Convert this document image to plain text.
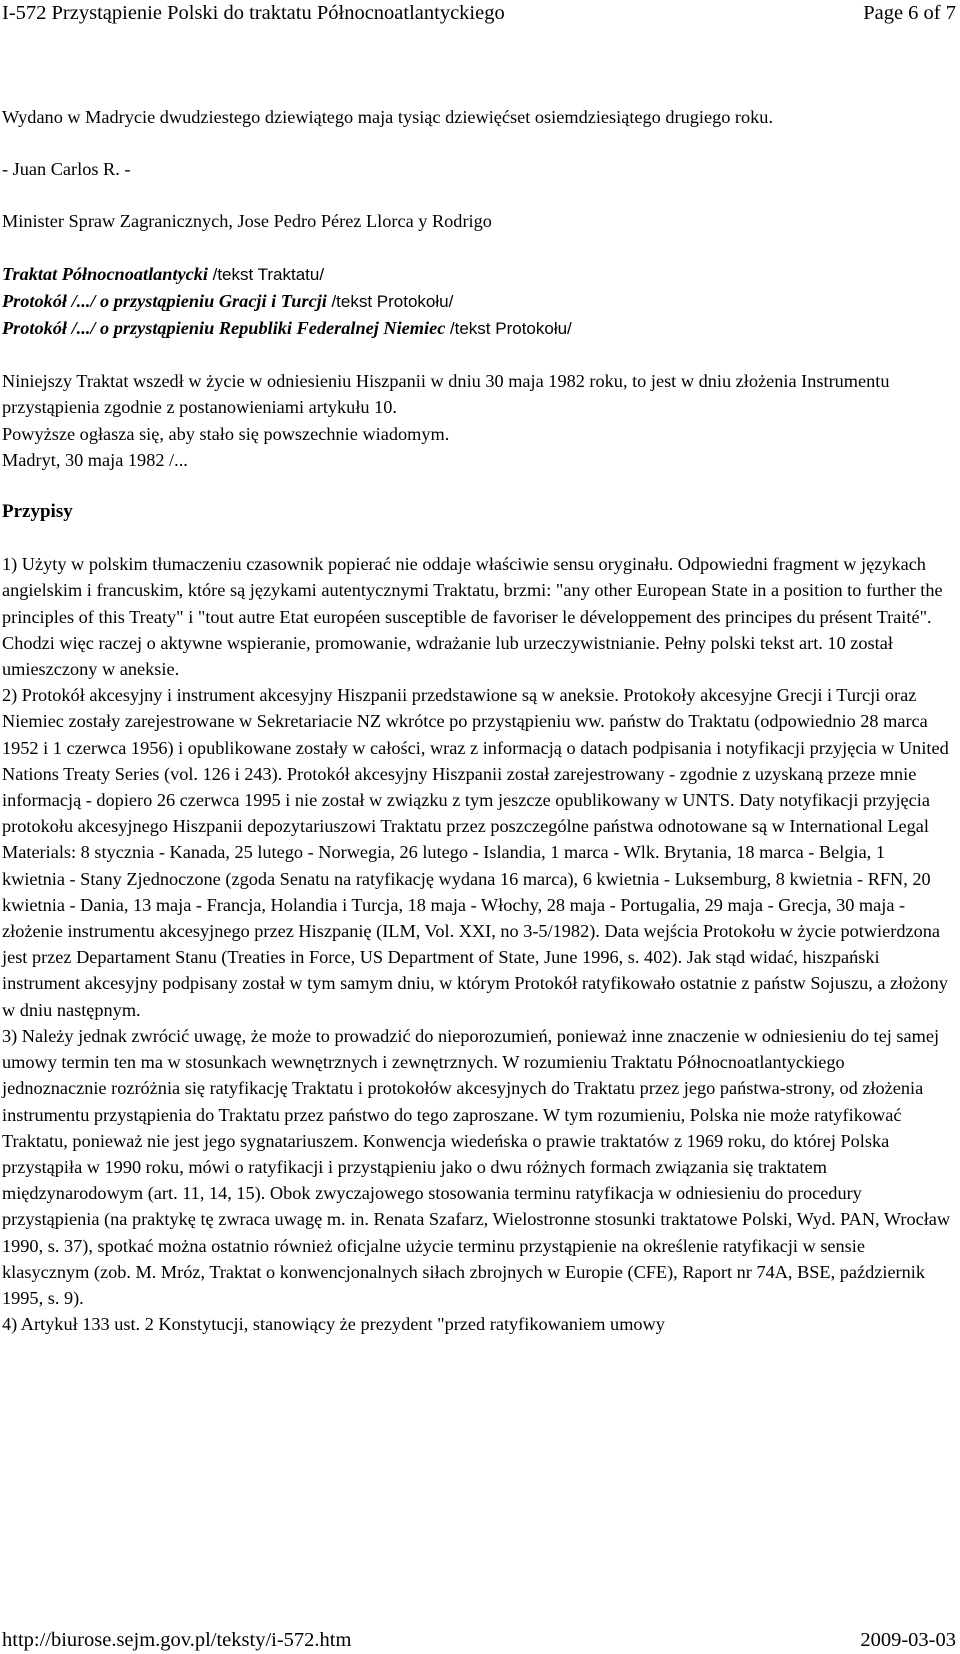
I-572 Przystąpienie Polski do traktatu Północnoatlantyckiego	Page 6 of 7

Wydano w Madrycie dwudziestego dziewiątego maja tysiąc dziewięćset osiemdziesiątego drugiego roku.

- Juan Carlos R. -

Minister Spraw Zagranicznych, Jose Pedro Pérez Llorca y Rodrigo

Traktat Północnoatlantycki /tekst Traktatu/

Protokół /.../ o przystąpieniu Gracji i Turcji /tekst Protokołu/

Protokół /.../ o przystąpieniu Republiki Federalnej Niemiec /tekst Protokołu/

Niniejszy Traktat wszedł w życie w odniesieniu Hiszpanii w dniu 30 maja 1982 roku, to jest w dniu złożenia Instrumentu przystąpienia zgodnie z postanowieniami artykułu 10.

Powyższe ogłasza się, aby stało się powszechnie wiadomym.

Madryt, 30 maja 1982 /...

Przypisy

1) Użyty w polskim tłumaczeniu czasownik popierać nie oddaje właściwie sensu oryginału. Odpowiedni fragment w językach angielskim i francuskim, które są językami autentycznymi Traktatu, brzmi: "any other European State in a position to further the principles of this Treaty" i "tout autre Etat européen susceptible de favoriser le développement des principes du présent Traité". Chodzi więc raczej o aktywne wspieranie, promowanie, wdrażanie lub urzeczywistnianie. Pełny polski tekst art. 10 został umieszczony w aneksie.

2) Protokół akcesyjny i instrument akcesyjny Hiszpanii przedstawione są w aneksie. Protokoły akcesyjne Grecji i Turcji oraz Niemiec zostały zarejestrowane w Sekretariacie NZ wkrótce po przystąpieniu ww. państw do Traktatu (odpowiednio 28 marca 1952 i 1 czerwca 1956) i opublikowane zostały w całości, wraz z informacją o datach podpisania i notyfikacji przyjęcia w United Nations Treaty Series (vol. 126 i 243). Protokół akcesyjny Hiszpanii został zarejestrowany - zgodnie z uzyskaną przeze mnie informacją - dopiero 26 czerwca 1995 i nie został w związku z tym jeszcze opublikowany w UNTS. Daty notyfikacji przyjęcia protokołu akcesyjnego Hiszpanii depozytariuszowi Traktatu przez poszczególne państwa odnotowane są w International Legal Materials: 8 stycznia - Kanada, 25 lutego - Norwegia, 26 lutego - Islandia, 1 marca - Wlk. Brytania, 18 marca - Belgia, 1 kwietnia - Stany Zjednoczone (zgoda Senatu na ratyfikację wydana 16 marca), 6 kwietnia - Luksemburg, 8 kwietnia - RFN, 20 kwietnia - Dania, 13 maja - Francja, Holandia i Turcja, 18 maja - Włochy, 28 maja - Portugalia, 29 maja - Grecja, 30 maja - złożenie instrumentu akcesyjnego przez Hiszpanię (ILM, Vol. XXI, no 3-5/1982). Data wejścia Protokołu w życie potwierdzona jest przez Departament Stanu (Treaties in Force, US Department of State, June 1996, s. 402). Jak stąd widać, hiszpański instrument akcesyjny podpisany został w tym samym dniu, w którym Protokół ratyfikowało ostatnie z państw Sojuszu, a złożony w dniu następnym.

3) Należy jednak zwrócić uwagę, że może to prowadzić do nieporozumień, ponieważ inne znaczenie w odniesieniu do tej samej umowy termin ten ma w stosunkach wewnętrznych i zewnętrznych. W rozumieniu Traktatu Północnoatlantyckiego jednoznacznie rozróżnia się ratyfikację Traktatu i protokołów akcesyjnych do Traktatu przez jego państwa-strony, od złożenia instrumentu przystąpienia do Traktatu przez państwo do tego zaproszane. W tym rozumieniu, Polska nie może ratyfikować Traktatu, ponieważ nie jest jego sygnatariuszem. Konwencja wiedeńska o prawie traktatów z 1969 roku, do której Polska przystąpiła w 1990 roku, mówi o ratyfikacji i przystąpieniu jako o dwu różnych formach związania się traktatem międzynarodowym (art. 11, 14, 15). Obok zwyczajowego stosowania terminu ratyfikacja w odniesieniu do procedury przystąpienia (na praktykę tę zwraca uwagę m. in. Renata Szafarz, Wielostronne stosunki traktatowe Polski, Wyd. PAN, Wrocław 1990, s. 37), spotkać można ostatnio również oficjalne użycie terminu przystąpienie na określenie ratyfikacji w sensie klasycznym (zob. M. Mróz, Traktat o konwencjonalnych siłach zbrojnych w Europie (CFE), Raport nr 74A, BSE, październik 1995, s. 9).

4) Artykuł 133 ust. 2 Konstytucji, stanowiący że prezydent "przed ratyfikowaniem umowy

http://biurose.sejm.gov.pl/teksty/i-572.htm	2009-03-03
